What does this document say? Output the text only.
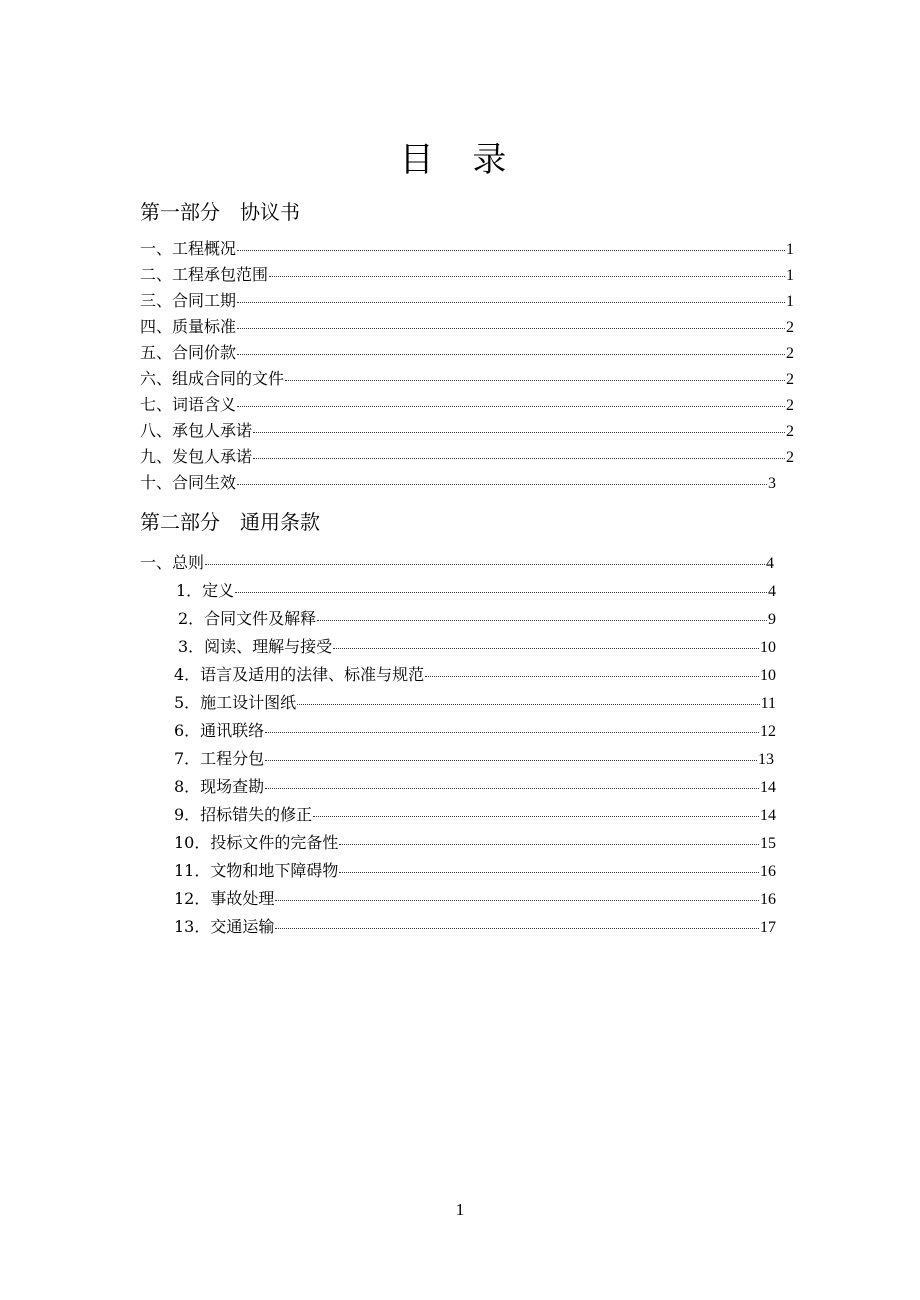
目 录
第一部分 协议书
一、工程概况	1
二、工程承包范围	1
三、合同工期	1
四、质量标准	2
五、合同价款	2
六、组成合同的文件	2
七、词语含义	2
八、承包人承诺	2
九、发包人承诺	2
十、合同生效	3
第二部分 通用条款
一、总则	4
1．定义	4
2．合同文件及解释	9
3．阅读、理解与接受	10
4．语言及适用的法律、标准与规范	10
5．施工设计图纸	11
6．通讯联络	12
7．工程分包	13
8．现场查勘	14
9．招标错失的修正	14
10．投标文件的完备性	15
11．文物和地下障碍物	16
12．事故处理	16
13．交通运输	17
1
